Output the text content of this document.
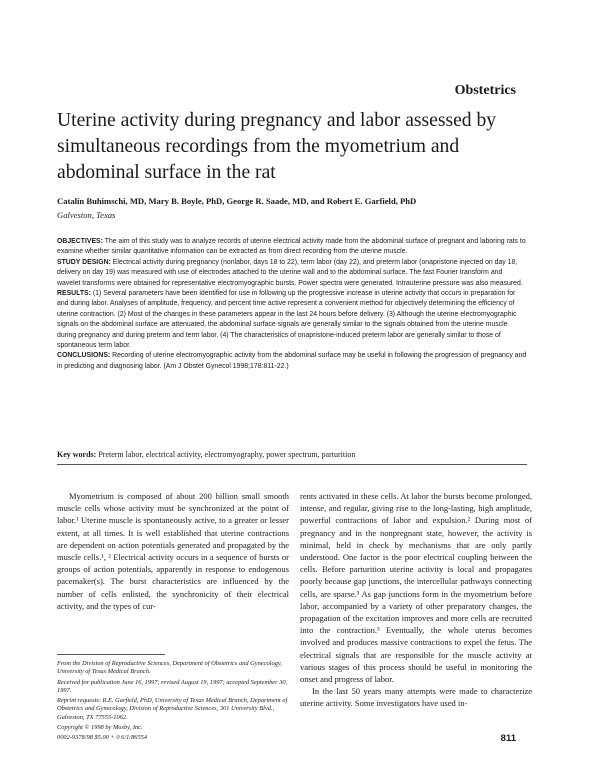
Obstetrics
Uterine activity during pregnancy and labor assessed by simultaneous recordings from the myometrium and abdominal surface in the rat
Catalin Buhimschi, MD, Mary B. Boyle, PhD, George R. Saade, MD, and Robert E. Garfield, PhD
Galveston, Texas

OBJECTIVES: The aim of this study was to analyze records of uterine electrical activity made from the abdominal surface of pregnant and laboring rats to examine whether similar quantitative information can be extracted as from direct recording from the uterine muscle.

STUDY DESIGN: Electrical activity during pregnancy (nonlabor, days 18 to 22), term labor (day 22), and preterm labor (onapristone injected on day 18, delivery on day 19) was measured with use of electrodes attached to the uterine wall and to the abdominal surface. The fast Fourier transform and wavelet transforms were obtained for representative electromyographic bursts. Power spectra were generated. Intrauterine pressure was also measured.

RESULTS: (1) Several parameters have been identified for use in following up the progressive increase in uterine activity that occurs in preparation for and during labor. Analyses of amplitude, frequency, and percent time active represent a convenient method for objectively determining the efficiency of uterine contraction. (2) Most of the changes in these parameters appear in the last 24 hours before delivery. (3) Although the uterine electromyographic signals on the abdominal surface are attenuated, the abdominal surface signals are generally similar to the signals obtained from the uterine muscle during pregnancy and during preterm and term labor. (4) The characteristics of onapristone-induced preterm labor are generally similar to those of spontaneous term labor.

CONCLUSIONS: Recording of uterine electromyographic activity from the abdominal surface may be useful in following the progression of pregnancy and in predicting and diagnosing labor. (Am J Obstet Gynecol 1998;178:811-22.)

Key words: Preterm labor, electrical activity, electromyography, power spectrum, parturition

Myometrium is composed of about 200 billion small smooth muscle cells whose activity must be synchronized at the point of labor.¹ Uterine muscle is spontaneously active, to a greater or lesser extent, at all times. It is well established that uterine contractions are dependent on action potentials generated and propagated by the muscle cells.¹, ² Electrical activity occurs in a sequence of bursts or groups of action potentials, apparently in response to endogenous pacemaker(s). The burst characteristics are influenced by the number of cells enlisted, the synchronicity of their electrical activity, and the types of cur-

rents activated in these cells. At labor the bursts become prolonged, intense, and regular, giving rise to the long-lasting, high amplitude, powerful contractions of labor and expulsion.² During most of pregnancy and in the nonpregnant state, however, the activity is minimal, held in check by mechanisms that are only partly understood. One factor is the poor electrical coupling between the cells. Before parturition uterine activity is local and propagates poorly because gap junctions, the intercellular pathways connecting cells, are sparse.³ As gap junctions form in the myometrium before labor, accompanied by a variety of other preparatory changes, the propagation of the excitation improves and more cells are recruited into the contraction.³ Eventually, the whole uterus becomes involved and produces massive contractions to expel the fetus. The electrical signals that are responsible for the muscle activity at various stages of this process should be useful in monitoring the onset and progress of labor.

In the last 50 years many attempts were made to characterize uterine activity. Some investigators have used in-

From the Division of Reproductive Sciences, Department of Obstetrics and Gynecology, University of Texas Medical Branch.

Received for publication June 16, 1997; revised August 19, 1997; accepted September 30, 1997.

Reprint requests: R.E. Garfield, PhD, University of Texas Medical Branch, Department of Obstetrics and Gynecology, Division of Reproductive Sciences, 301 University Blvd., Galveston, TX 77555-1062.

Copyright © 1998 by Mosby, Inc.

0002-9378/98 $5.00 + 0 6/1/86554	811
